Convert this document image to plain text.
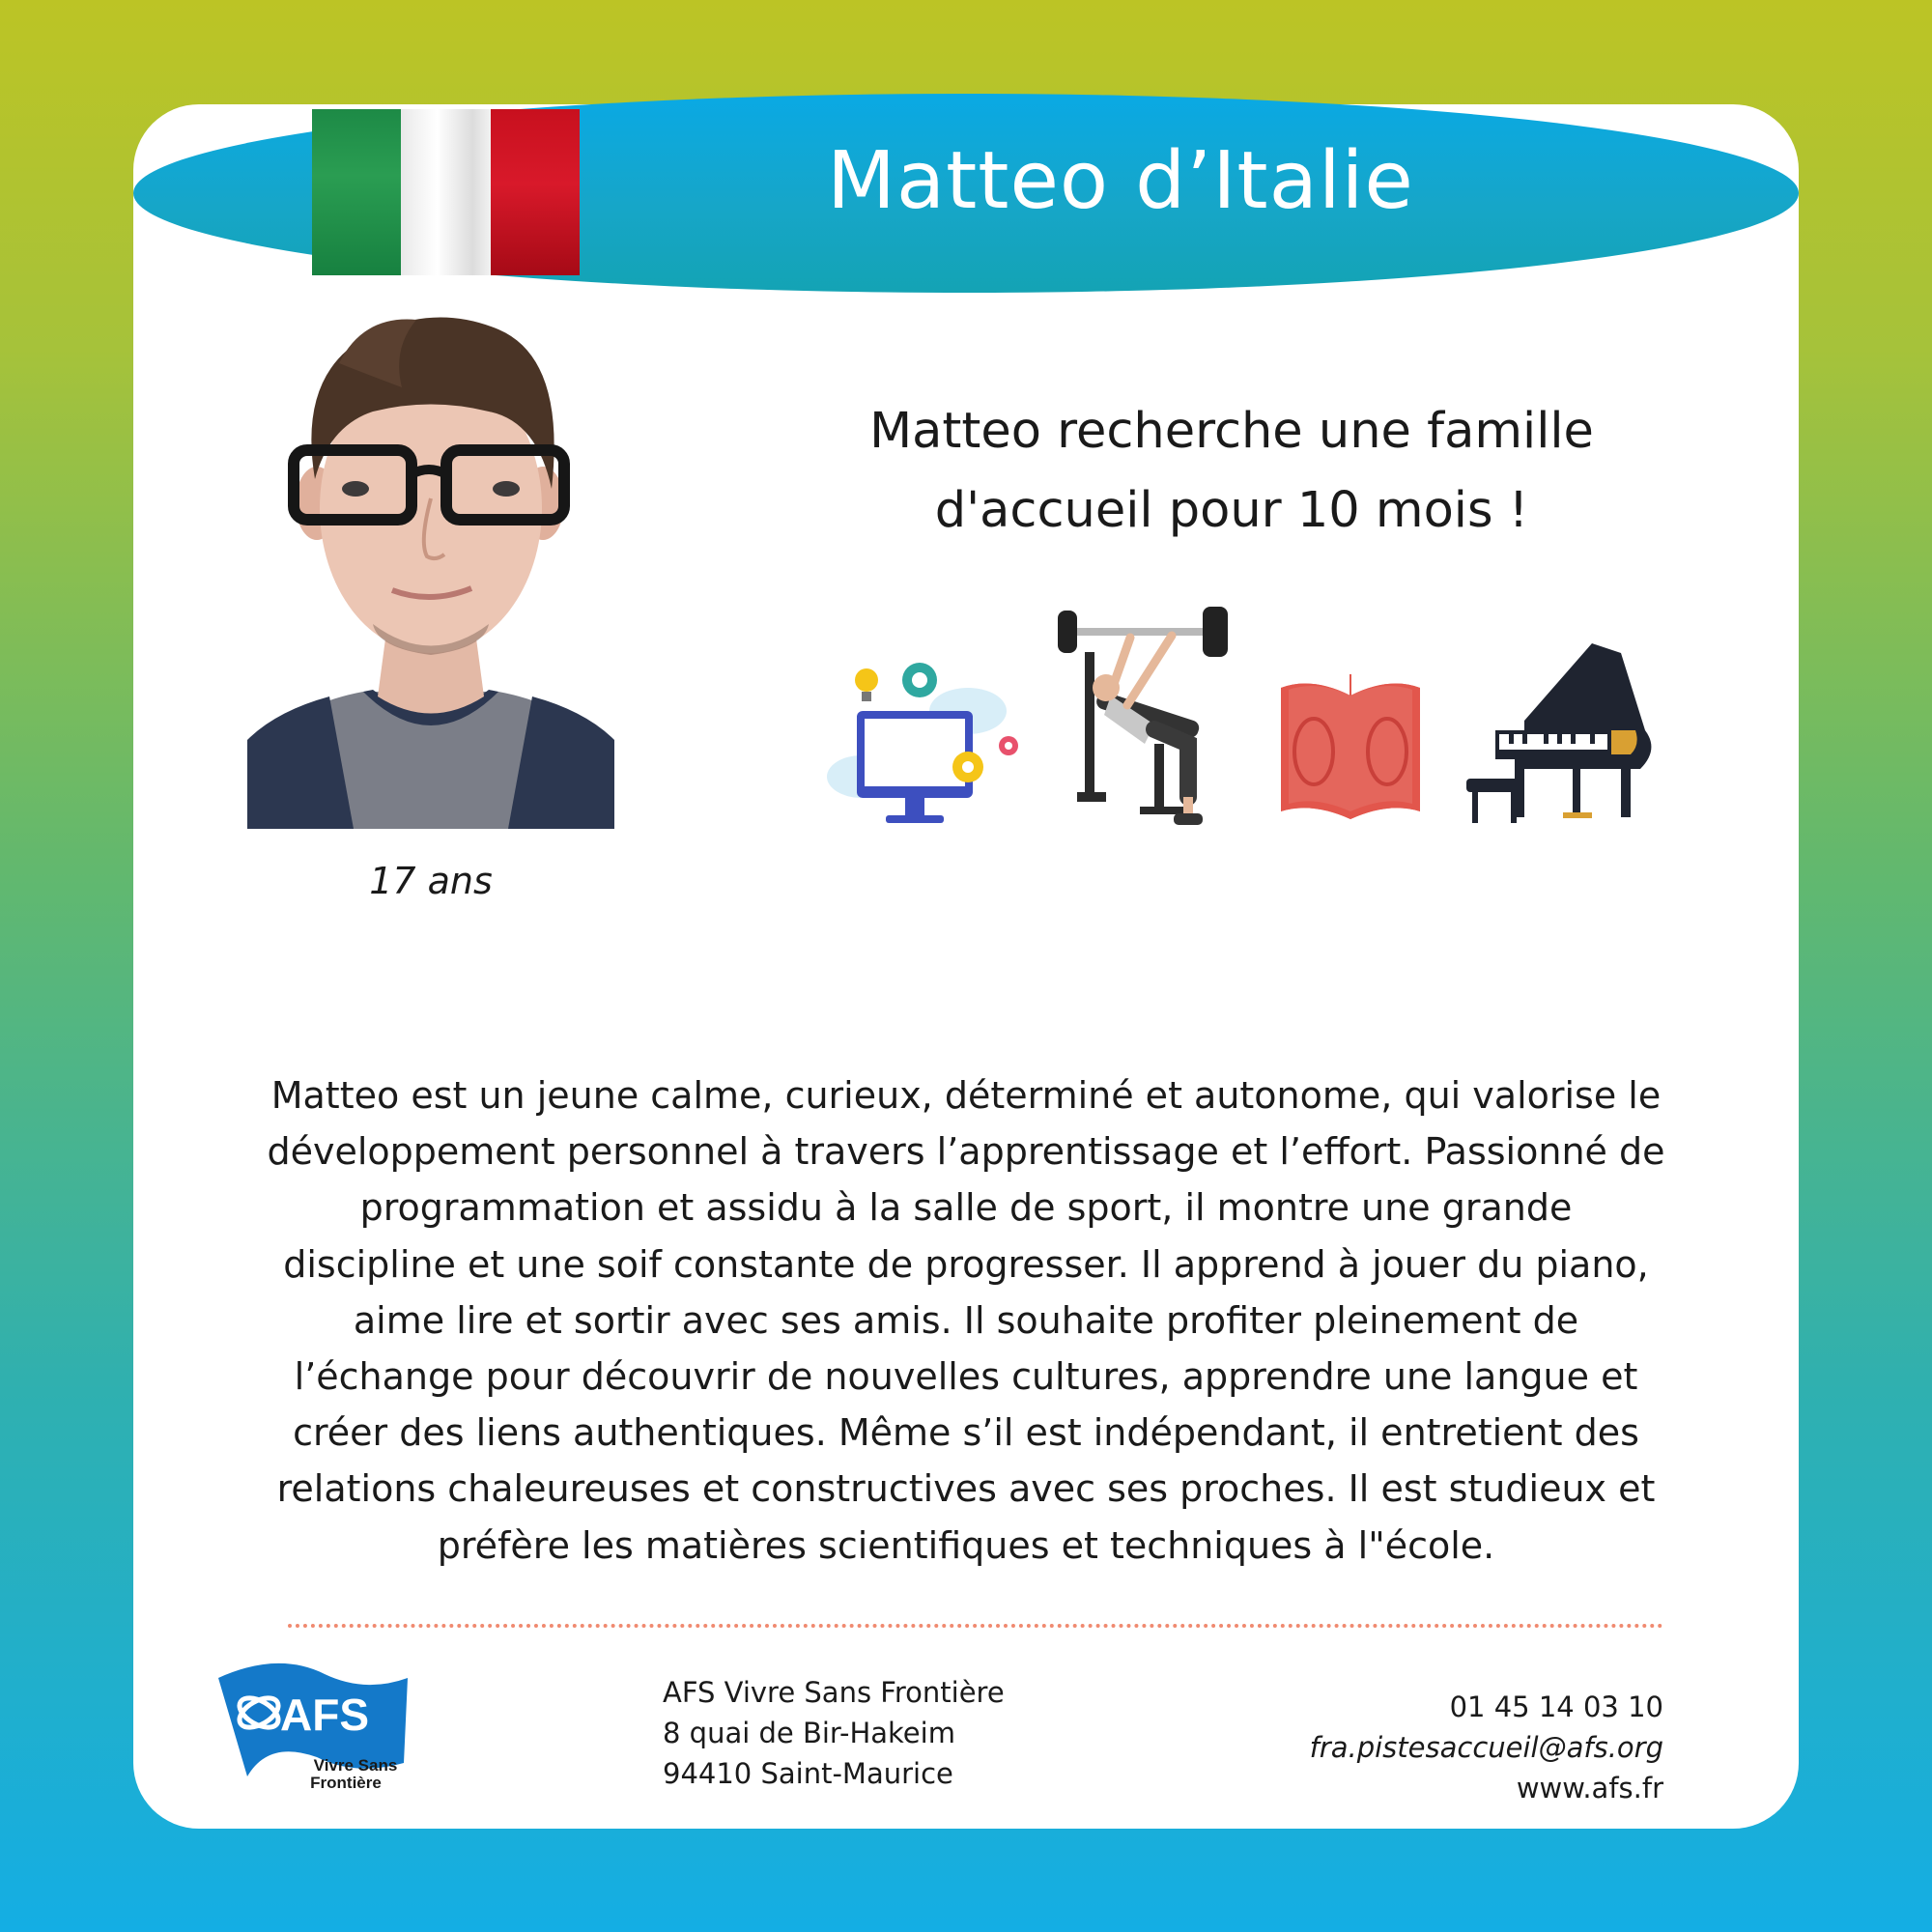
Matteo d’Italie
17 ans
Matteo recherche une famille
d'accueil pour 10 mois !
Matteo est un jeune calme, curieux, déterminé et autonome, qui valorise le
développement personnel à travers l’apprentissage et l’effort. Passionné de
programmation et assidu à la salle de sport, il montre une grande
discipline et une soif constante de progresser. Il apprend à jouer du piano,
aime lire et sortir avec ses amis. Il souhaite profiter pleinement de
l’échange pour découvrir de nouvelles cultures, apprendre une langue et
créer des liens authentiques. Même s’il est indépendant, il entretient des
relations chaleureuses et constructives avec ses proches. Il est studieux et
préfère les matières scientifiques et techniques à l"école.
AFS
Vivre Sans
Frontière
AFS Vivre Sans Frontière
8 quai de Bir-Hakeim
94410 Saint-Maurice
01 45 14 03 10
fra.pistesaccueil@afs.org
www.afs.fr
